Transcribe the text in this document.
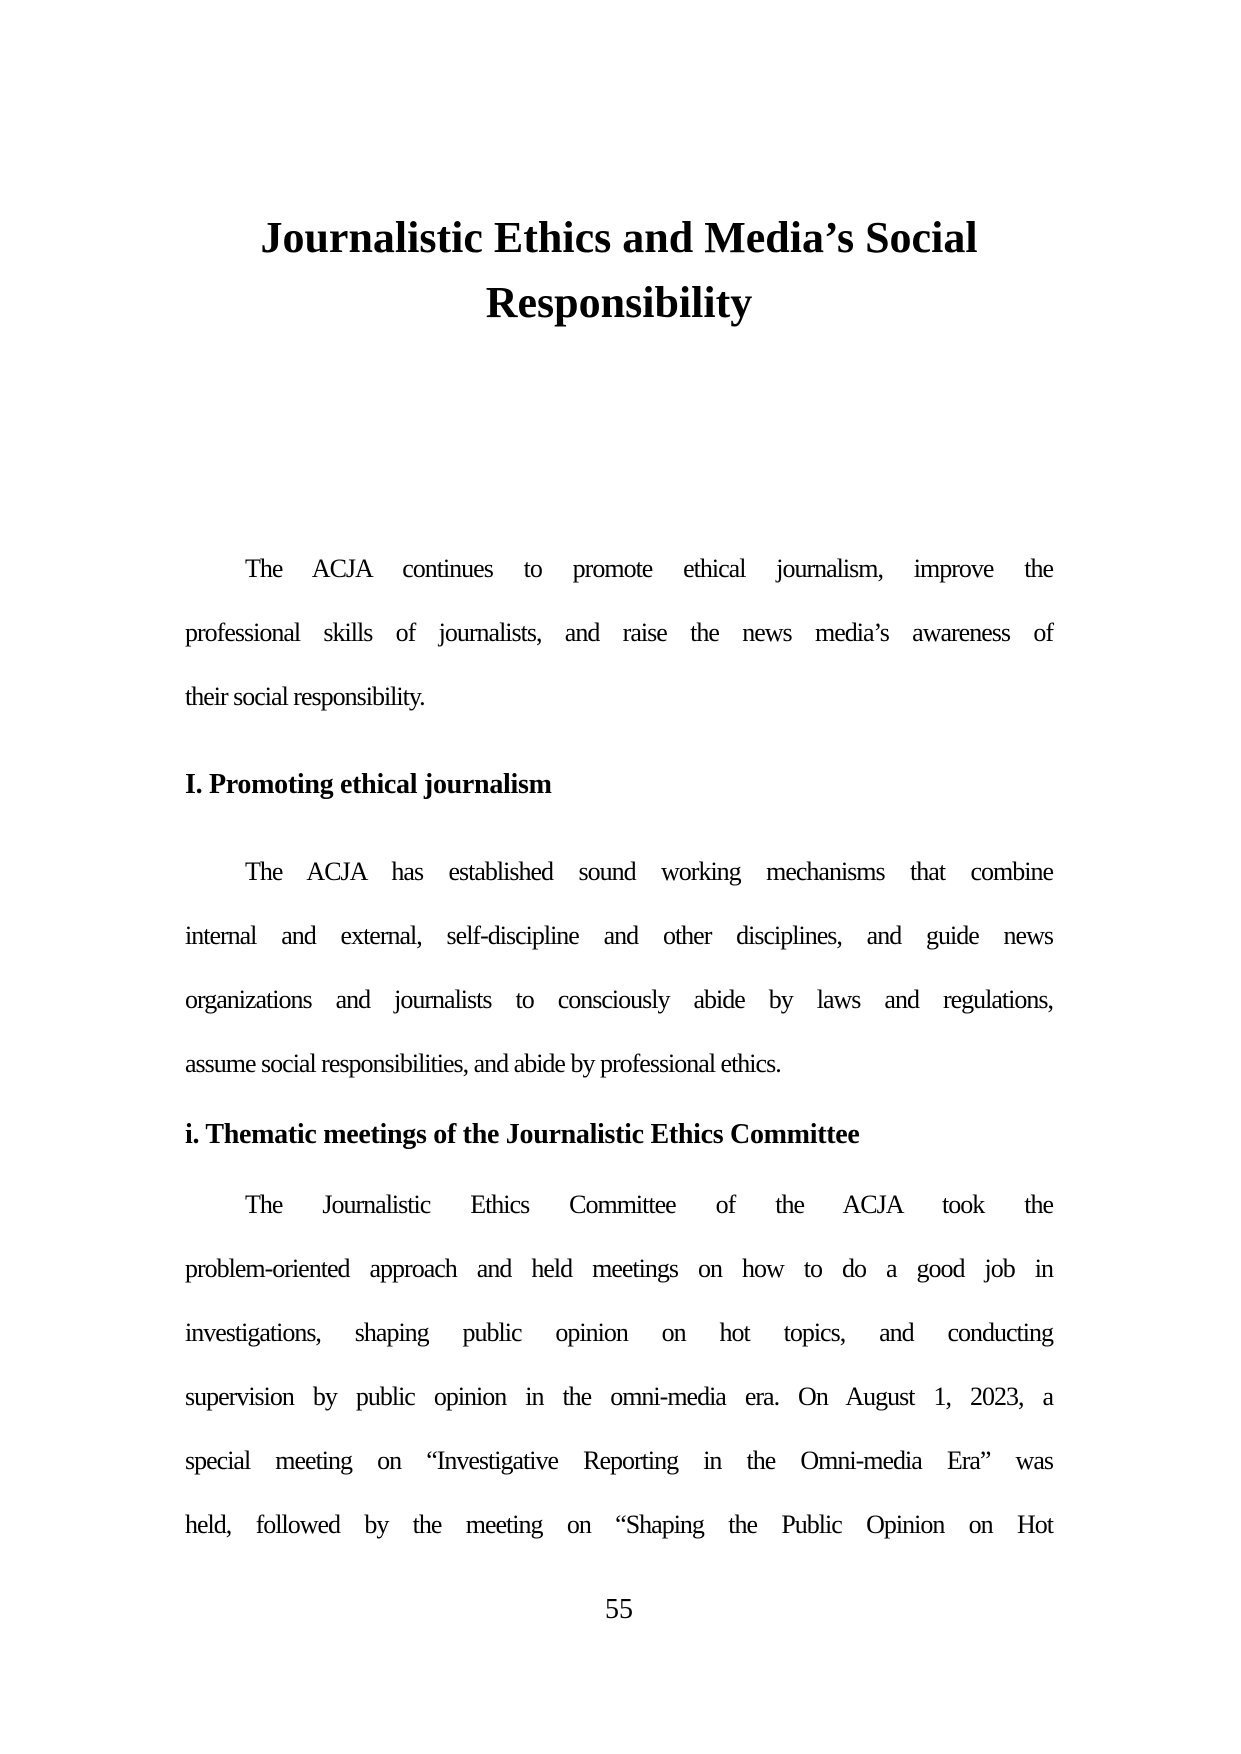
Journalistic Ethics and Media’s Social
Responsibility
The ACJA continues to promote ethical journalism, improve the
professional skills of journalists, and raise the news media’s awareness of
their social responsibility.
I. Promoting ethical journalism
The ACJA has established sound working mechanisms that combine
internal and external, self-discipline and other disciplines, and guide news
organizations and journalists to consciously abide by laws and regulations,
assume social responsibilities, and abide by professional ethics.
i. Thematic meetings of the Journalistic Ethics Committee
The Journalistic Ethics Committee of the ACJA took the
problem-oriented approach and held meetings on how to do a good job in
investigations, shaping public opinion on hot topics, and conducting
supervision by public opinion in the omni-media era. On August 1, 2023, a
special meeting on “Investigative Reporting in the Omni-media Era” was
held, followed by the meeting on “Shaping the Public Opinion on Hot
55
